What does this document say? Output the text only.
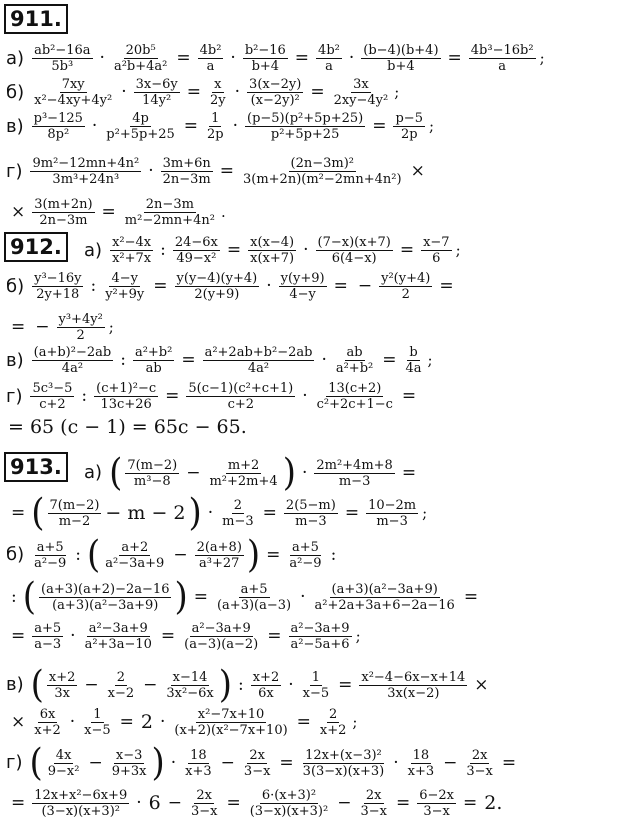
911.
912.
913.
$а) \frac{\text{ab²−16a}}{\text{5b³}} \cdot \frac{\text{20b⁵}}{\text{a²b+4a²}} = \frac{\text{4b²}}{a} \cdot \frac{\text{b²−16}}{b+4} = \frac{\text{4b²}}{a} \cdot \frac{(b-4)(b+4)}{b+4} = \frac{\text{4b³−16b²}}{a}$ ;
$б) \frac{7xy}{\text{x²−4xy+4y²}} \cdot \frac{3x-6y}{\text{14y²}} = \frac{x}{2y} \cdot \frac{3(x-2y)}{\text{(x−2y)²}} = \frac{3x}{\text{2xy−4y²}}$ ;
$в) \frac{\text{p³−125}}{\text{8p²}} \cdot \frac{4p}{\text{p²+5p+25}} = \frac{1}{2p} \cdot \frac{\text{(p−5)(p²+5p+25)}}{\text{p²+5p+25}} = \frac{p-5}{2p}$ ;
$г) \frac{\text{9m²−12mn+4n²}}{\text{3m³+24n³}} \cdot \frac{3m+6n}{2n-3m} = \frac{\text{(2n−3m)²}}{\text{3(m+2n)(m²−2mn+4n²)}}$ ×
× $\frac{3(m+2n)}{2n-3m} = \frac{2n-3m}{\text{m²−2mn+4n²}}$ .
$а) \frac{\text{x²−4x}}{\text{x²+7x}}$ : $\frac{24-6x}{\text{49−x²}} = \frac{x(x-4)}{x(x+7)} \cdot \frac{(7-x)(x+7)}{6(4-x)} = \frac{x-7}{6}$ ;
$б) \frac{\text{y³−16y}}{2y+18}$ : $\frac{4-y}{\text{y²+9y}} = \frac{y(y-4)(y+4)}{2(y+9)} \cdot \frac{y(y+9)}{4-y}$ = − $\frac{\text{y²(y+4)}}{2}$ =
= − $\frac{\text{y³+4y²}}{2}$ ;
$в) \frac{\text{(a+b)²−2ab}}{\text{4a²}}$ : $\frac{\text{a²+b²}}{ab} = \frac{\text{a²+2ab+b²−2ab}}{\text{4a²}} \cdot \frac{ab}{\text{a²+b²}} = \frac{b}{4a}$ ;
$г) \frac{\text{5c³−5}}{c+2}$ : $\frac{\text{(c+1)²−c}}{13c+26} = \frac{\text{5(c−1)(c²+c+1)}}{c+2} \cdot \frac{13(c+2)}{\text{c²+2c+1−c}}$ =
= 65 (c − 1) = 65c − 65.
а) ( $\frac{7(m-2)}{\text{m³−8}} - \frac{m+2}{\text{m²+2m+4}}$ ) · $\frac{\text{2m²+4m+8}}{m-3}$ =
= ( $\frac{7(m-2)}{m-2} - m - 2$ ) · $\frac{2}{m-3} = \frac{2(5-m)}{m-3} = \frac{10-2m}{m-3}$ ;
$б) \frac{a+5}{\text{a²−9}}$ : ( $\frac{a+2}{\text{a²−3a+9}} - \frac{2(a+8)}{\text{a³+27}}$ ) = $\frac{a+5}{\text{a²−9}}$ :
: ( $\frac{(a+3)(a+2)-2a-16}{\text{(a+3)(a²−3a+9)}}$ ) = $\frac{a+5}{(a+3)(a-3)} \cdot \frac{\text{(a+3)(a²−3a+9)}}{\text{a²+2a+3a+6−2a−16}}$ =
= $\frac{a+5}{a-3} \cdot \frac{\text{a²−3a+9}}{\text{a²+3a−10}} = \frac{\text{a²−3a+9}}{(a-3)(a-2)} = \frac{\text{a²−3a+9}}{\text{a²−5a+6}}$ ;
в) ( $\frac{x+2}{3x} - \frac{2}{x-2} - \frac{x-14}{\text{3x²−6x}}$ ) : $\frac{x+2}{6x} \cdot \frac{1}{x-5} = \frac{\text{x²−4−6x−x+14}}{3x(x-2)}$ ×
× $\frac{6x}{x+2} \cdot \frac{1}{x-5} = 2 \cdot \frac{\text{x²−7x+10}}{\text{(x+2)(x²−7x+10)}} = \frac{2}{x+2}$ ;
г) ( $\frac{4x}{\text{9−x²}} - \frac{x-3}{9+3x}$ ) · $\frac{18}{x+3} - \frac{2x}{3-x} = \frac{\text{12x+(x−3)²}}{3(3-x)(x+3)} \cdot \frac{18}{x+3} - \frac{2x}{3-x}$ =
= $\frac{\text{12x+x²−6x+9}}{\text{(3−x)(x+3)²}} \cdot 6 - \frac{2x}{3-x} = \frac{\text{6·(x+3)²}}{\text{(3−x)(x+3)²}} - \frac{2x}{3-x} = \frac{6-2x}{3-x} = 2$.
